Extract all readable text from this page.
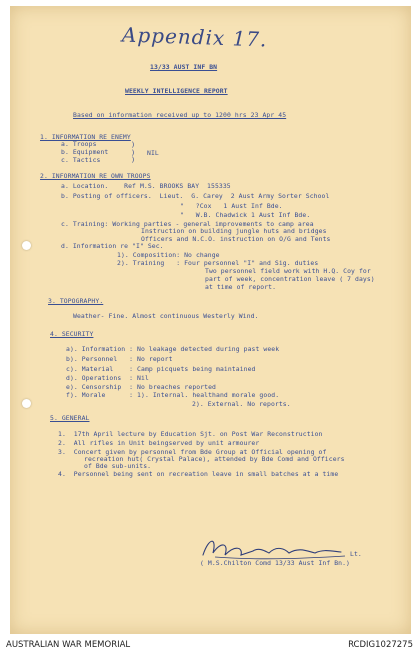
Appendix 17.
13/33 AUST INF BN
WEEKLY INTELLIGENCE REPORT
Based on information received up to 1200 hrs 23 Apr 45
1. INFORMATION RE ENEMY
a. Troops
b. Equipment
c. Tactics
)
)
)
NIL
2. INFORMATION RE OWN TROOPS
a. Location.    Ref M.S. BROOKS BAY  155335
b. Posting of officers.  Lieut.  G. Carey  2 Aust Army Sorter School
"   ?Cox   1 Aust Inf Bde.
"   W.B. Chadwick 1 Aust Inf Bde.
c. Training: Working parties - general improvements to camp area
Instruction on building jungle huts and bridges
Officers and N.C.O. instruction on O/G and Tents
d. Information re "I" Sec.
1). Composition: No change
2). Training   : Four personnel "I" and Sig. duties
Two personnel field work with H.Q. Coy for
part of week, concentration leave ( 7 days)
at time of report.
3. TOPOGRAPHY.
Weather- Fine. Almost continuous Westerly Wind.
4. SECURITY
a). Information : No leakage detected during past week
b). Personnel   : No report
c). Material    : Camp picquets being maintained
d). Operations  : Nil
e). Censorship  : No breaches reported
f). Morale      : 1). Internal. healthand morale good.
2). External. No reports.
5. GENERAL
1.  17th April lecture by Education Sjt. on Post War Reconstruction
2.  All rifles in Unit beingserved by unit armourer
3.  Concert given by personnel from Bde Group at Official opening of
recreation hut( Crystal Palace), attended by Bde Comd and Officers
of Bde sub-units.
4.  Personnel being sent on recreation leave in small batches at a time
Lt.
( M.S.Chilton Comd 13/33 Aust Inf Bn.)
AUSTRALIAN WAR MEMORIAL	RCDIG1027275
